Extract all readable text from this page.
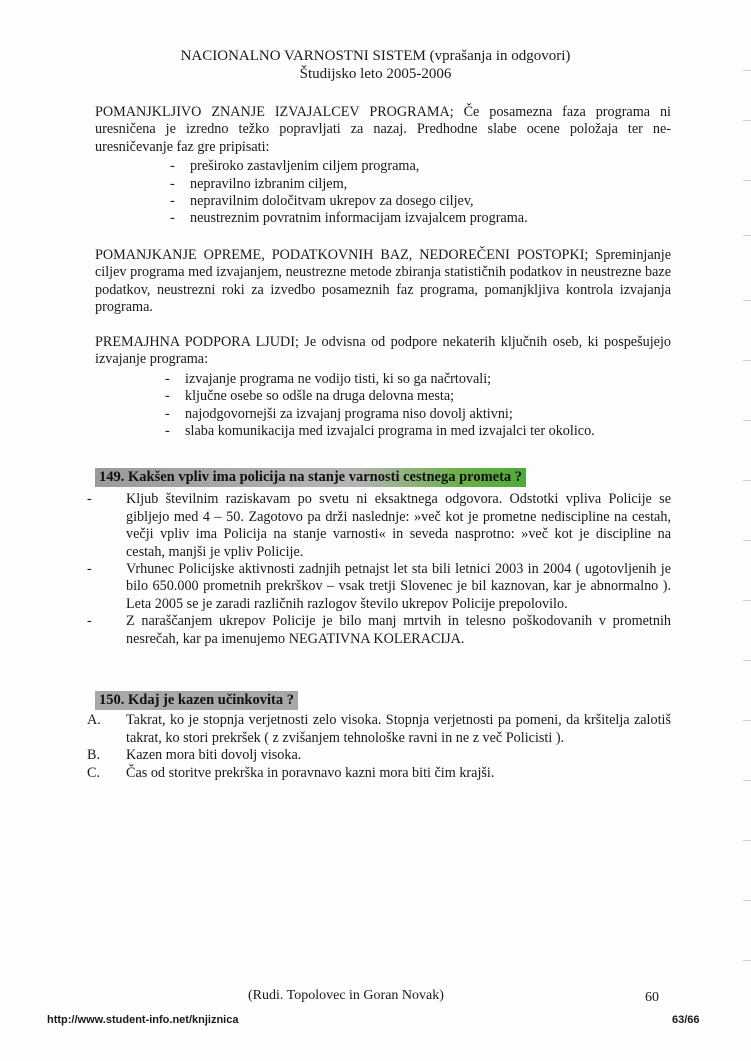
NACIONALNO VARNOSTNI SISTEM (vprašanja in odgovori)
Študijsko leto 2005-2006
POMANJKLJIVO ZNANJE IZVAJALCEV PROGRAMA; Če posamezna faza programa ni uresničena je izredno težko popravljati za nazaj. Predhodne slabe ocene položaja ter ne-uresničevanje faz gre pripisati:
- preširoko zastavljenim ciljem programa,
- nepravilno izbranim ciljem,
- nepravilnim določitvam ukrepov za dosego ciljev,
- neustreznim povratnim informacijam izvajalcem programa.
POMANJKANJE OPREME, PODATKOVNIH BAZ, NEDOREČENI POSTOPKI; Spreminjanje ciljev programa med izvajanjem, neustrezne metode zbiranja statističnih podatkov in neustrezne baze podatkov, neustrezni roki za izvedbo posameznih faz programa, pomanjkljiva kontrola izvajanja programa.
PREMAJHNA PODPORA LJUDI; Je odvisna od podpore nekaterih ključnih oseb, ki pospešujejo izvajanje programa:
- izvajanje programa ne vodijo tisti, ki so ga načrtovali;
- ključne osebe so odšle na druga delovna mesta;
- najodgovornejši za izvajanj programa niso dovolj aktivni;
- slaba komunikacija med izvajalci programa in med izvajalci ter okolico.
149. Kakšen vpliv ima policija na stanje varnosti cestnega prometa ?
- Kljub številnim raziskavam po svetu ni eksaktnega odgovora. Odstotki vpliva Policije se gibljejo med 4 – 50. Zagotovo pa drži naslednje: »več kot je prometne nediscipline na cestah, večji vpliv ima Policija na stanje varnosti« in seveda nasprotno: »več kot je discipline na cestah, manjši je vpliv Policije.
- Vrhunec Policijske aktivnosti zadnjih petnajst let sta bili letnici 2003 in 2004 ( ugotovljenih je bilo 650.000 prometnih prekrškov – vsak tretji Slovenec je bil kaznovan, kar je abnormalno ). Leta 2005 se je zaradi različnih razlogov število ukrepov Policije prepolovilo.
- Z naraščanjem ukrepov Policije je bilo manj mrtvih in telesno poškodovanih v prometnih nesrečah, kar pa imenujemo NEGATIVNA KOLERACIJA.
150. Kdaj je kazen učinkovita ?
A. Takrat, ko je stopnja verjetnosti zelo visoka. Stopnja verjetnosti pa pomeni, da kršitelja zalotiš takrat, ko stori prekršek ( z zvišanjem tehnološke ravni in ne z več Policisti ).
B. Kazen mora biti dovolj visoka.
C. Čas od storitve prekrška in poravnavo kazni mora biti čim krajši.
(Rudi. Topolovec in Goran Novak)	60
http://www.student-info.net/knjiznica	63/66
